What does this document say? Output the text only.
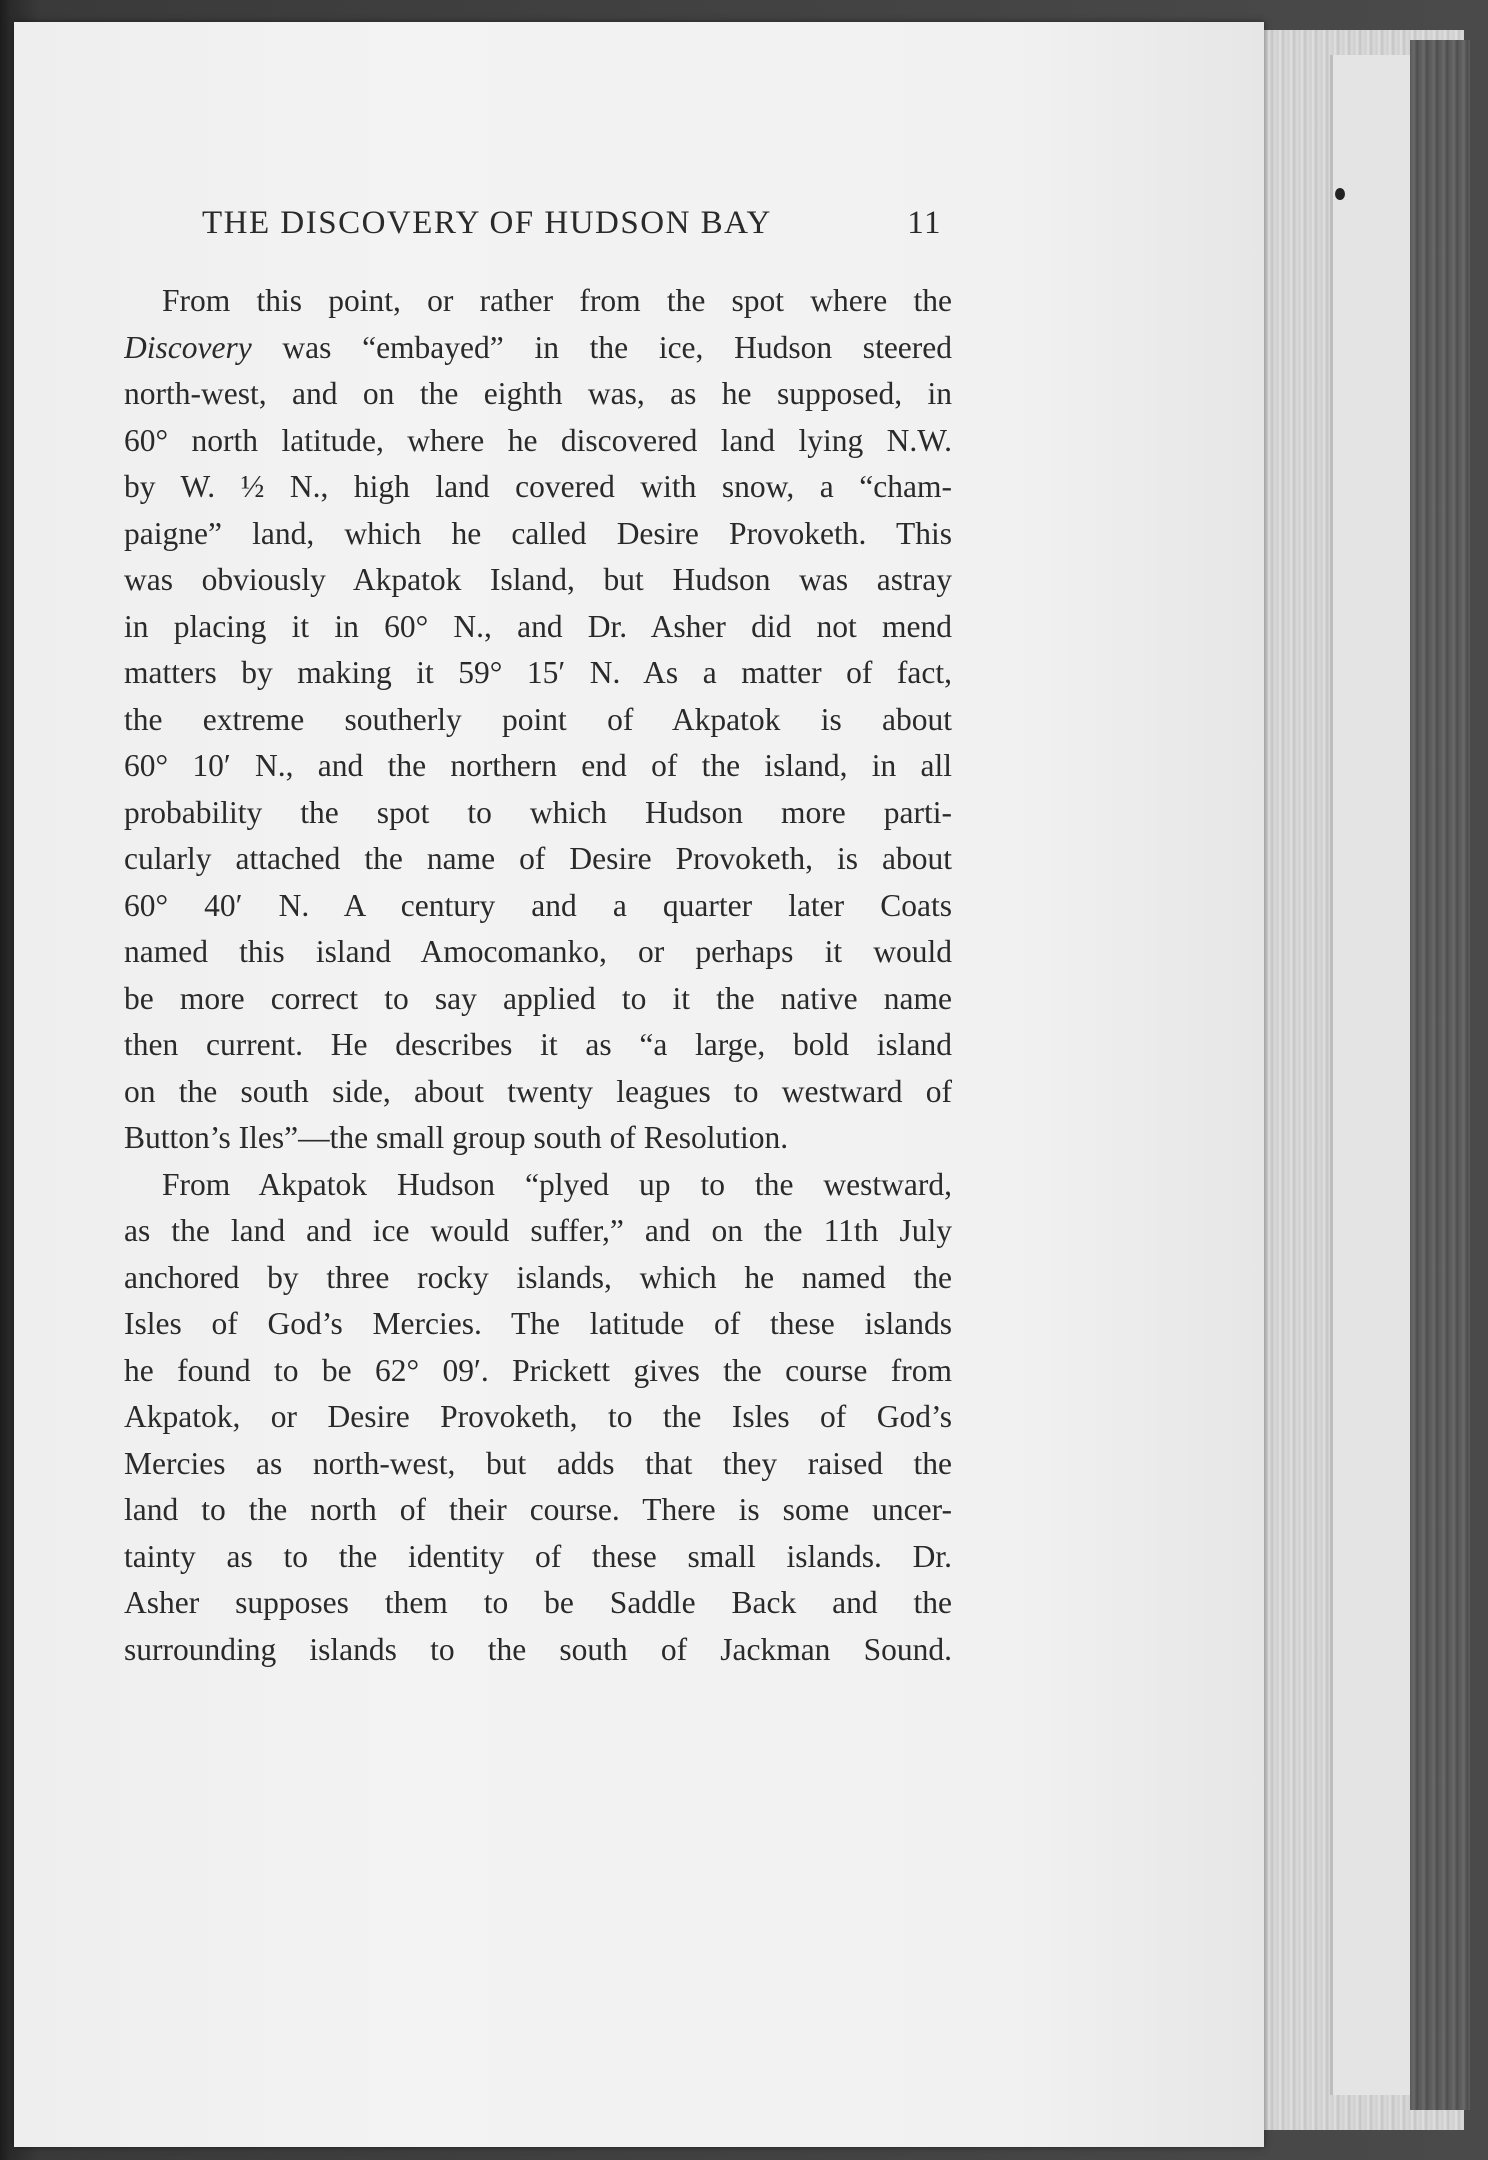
THE DISCOVERY OF HUDSON BAY	11
From this point, or rather from the spot where the
Discovery was “embayed” in the ice, Hudson steered
north-west, and on the eighth was, as he supposed, in
60° north latitude, where he discovered land lying N.W.
by W. ½ N., high land covered with snow, a “cham-
paigne” land, which he called Desire Provoketh. This
was obviously Akpatok Island, but Hudson was astray
in placing it in 60° N., and Dr. Asher did not mend
matters by making it 59° 15′ N. As a matter of fact,
the extreme southerly point of Akpatok is about
60° 10′ N., and the northern end of the island, in all
probability the spot to which Hudson more parti-
cularly attached the name of Desire Provoketh, is about
60° 40′ N. A century and a quarter later Coats
named this island Amocomanko, or perhaps it would
be more correct to say applied to it the native name
then current. He describes it as “a large, bold island
on the south side, about twenty leagues to westward of
Button’s Iles”—the small group south of Resolution.
From Akpatok Hudson “plyed up to the westward,
as the land and ice would suffer,” and on the 11th July
anchored by three rocky islands, which he named the
Isles of God’s Mercies. The latitude of these islands
he found to be 62° 09′. Prickett gives the course from
Akpatok, or Desire Provoketh, to the Isles of God’s
Mercies as north-west, but adds that they raised the
land to the north of their course. There is some uncer-
tainty as to the identity of these small islands. Dr.
Asher supposes them to be Saddle Back and the
surrounding islands to the south of Jackman Sound.
